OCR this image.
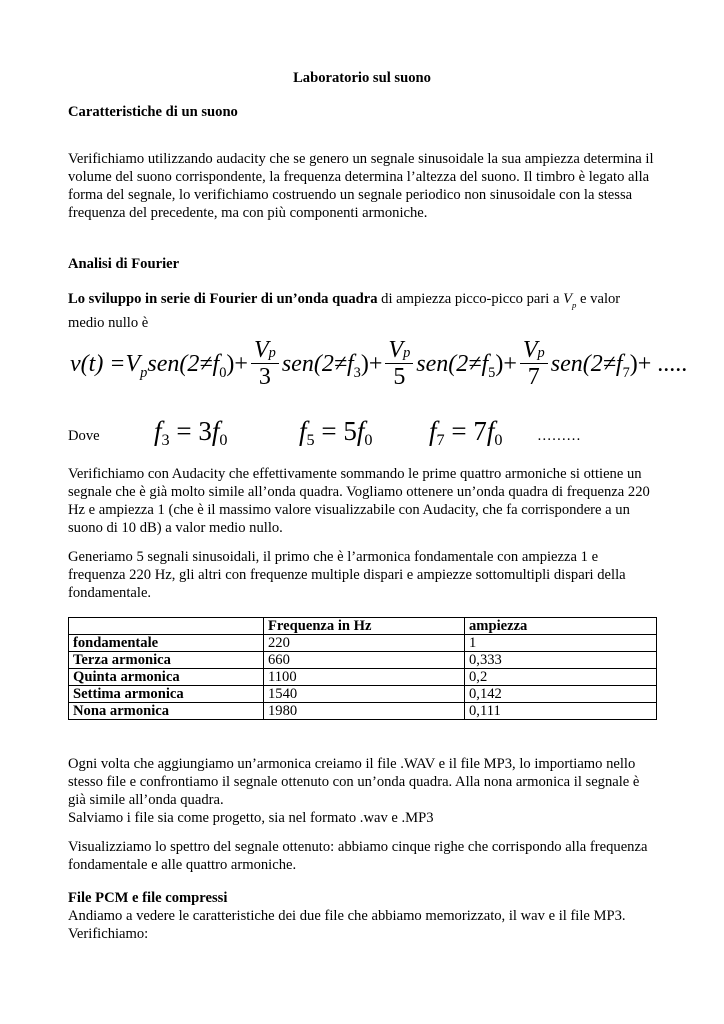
Laboratorio sul suono
Caratteristiche di un suono
Verifichiamo utilizzando audacity che se genero un segnale sinusoidale la sua ampiezza determina il volume del suono corrispondente, la frequenza determina l’altezza del suono. Il timbro è legato alla forma del segnale, lo verifichiamo costruendo un segnale periodico non sinusoidale con la stessa frequenza del precedente, ma con più componenti armoniche.
Analisi di Fourier
Lo sviluppo in serie di Fourier di un’onda quadra di ampiezza picco-picco pari a $V_p$ e valor medio nullo è
v(t) = V p sen(2≠f 0 ) + $\frac{Vp}{3} sen(2\ne f$ 3 ) + $\frac{Vp}{5} sen(2\ne f$ 5 ) + $\frac{Vp}{7} sen(2\ne f$ 7 ) + .....
Dove	$f_3 = 3f_0$	$f_5 = 5f_0$	$f_7 = 7f_0$	………
Verifichiamo con Audacity che effettivamente sommando le prime quattro armoniche si ottiene un segnale che è già molto simile all’onda quadra. Vogliamo ottenere un’onda quadra di frequenza 220 Hz e ampiezza 1 (che è il massimo valore visualizzabile con Audacity, che fa corrispondere a un suono di 10 dB) a valor medio nullo.
Generiamo 5 segnali sinusoidali, il primo che è l’armonica fondamentale con ampiezza 1 e frequenza 220 Hz, gli altri con frequenze multiple dispari e ampiezze sottomultipli dispari della fondamentale.
	Frequenza in Hz	ampiezza
fondamentale	220	1
Terza armonica	660	0,333
Quinta armonica	1100	0,2
Settima armonica	1540	0,142
Nona armonica	1980	0,111
Ogni volta che aggiungiamo un’armonica creiamo il file .WAV e il file MP3, lo importiamo nello stesso file e confrontiamo il segnale ottenuto con un’onda quadra. Alla nona armonica il segnale è già simile all’onda quadra.
Salviamo i file sia come progetto, sia nel formato .wav e .MP3
Visualizziamo lo spettro del segnale ottenuto: abbiamo cinque righe che corrispondo alla frequenza fondamentale e alle quattro armoniche.
File PCM e file compressi
Andiamo a vedere le caratteristiche dei due file che abbiamo memorizzato, il wav e il file MP3.
Verifichiamo:
